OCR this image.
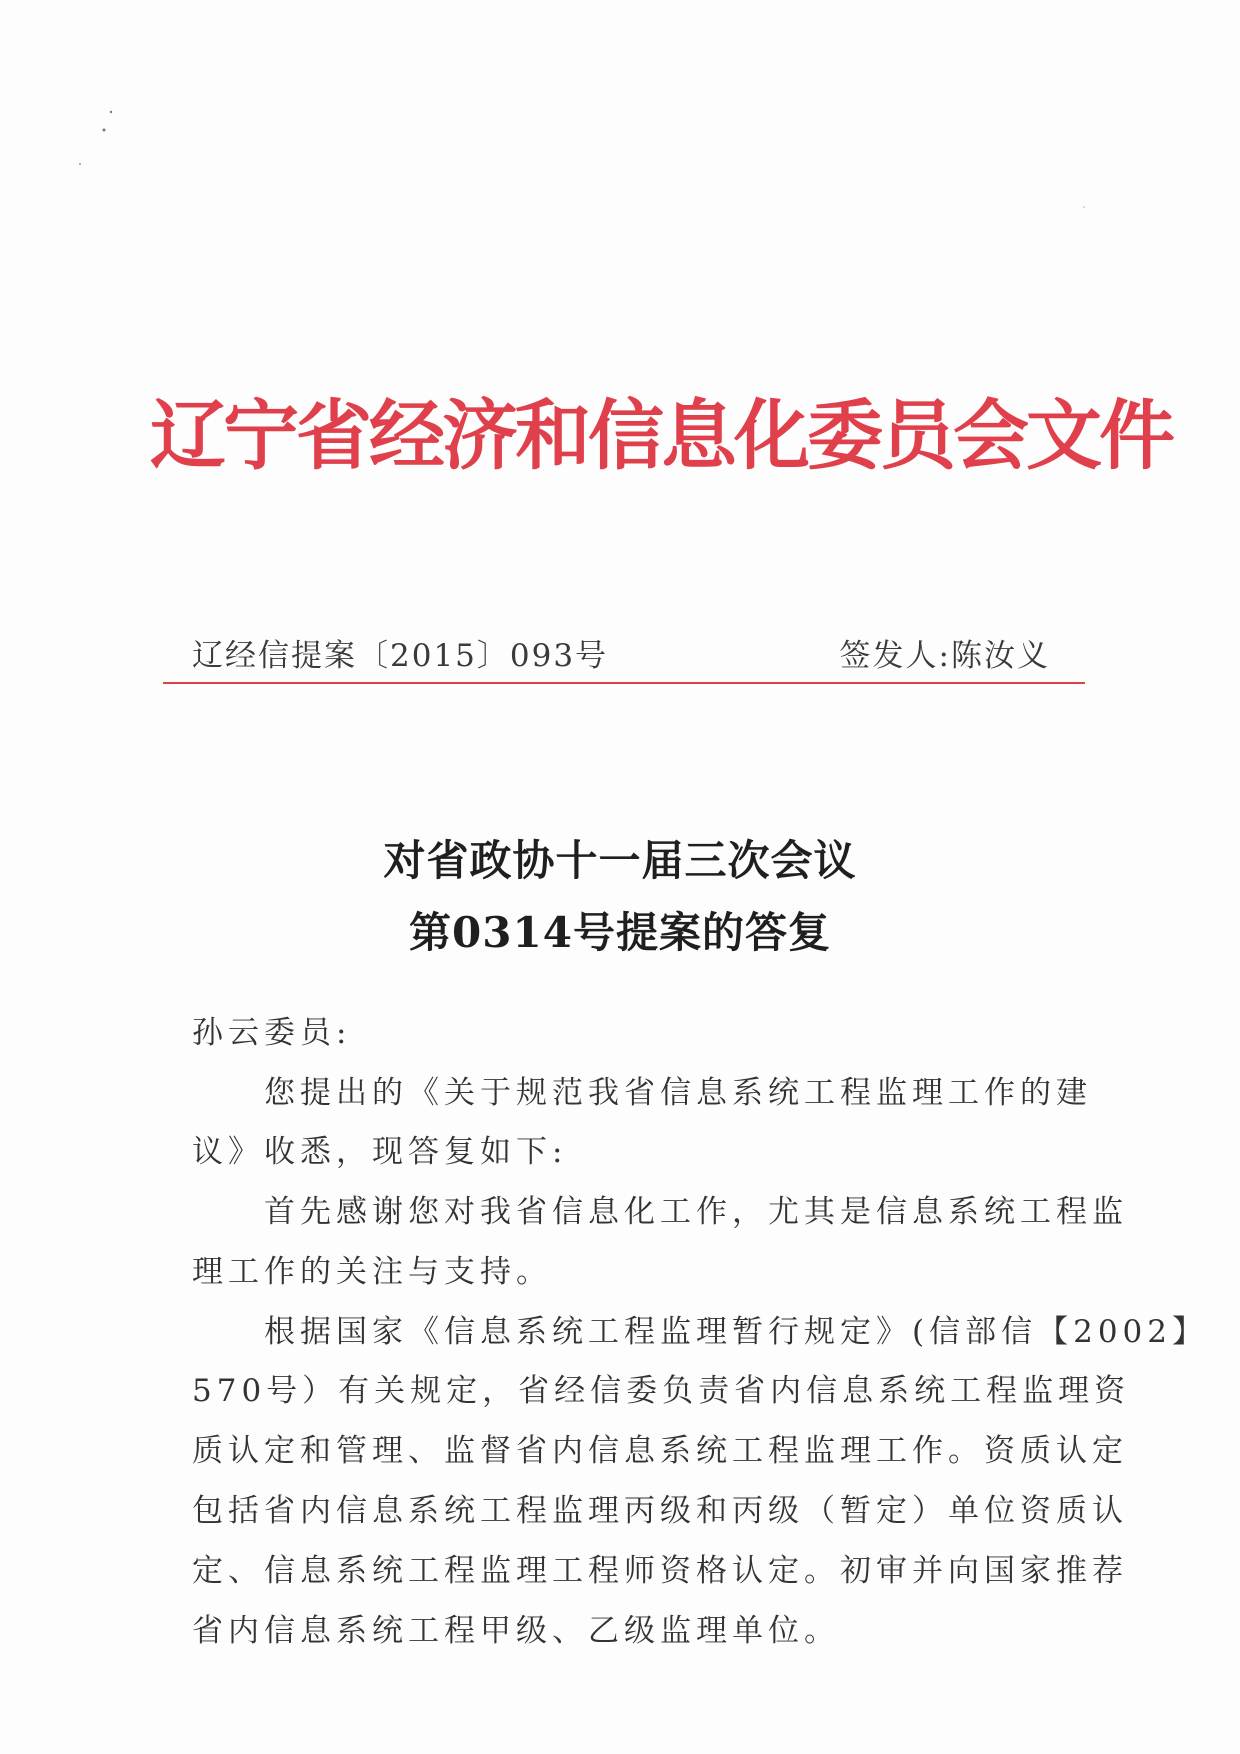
辽宁省经济和信息化委员会文件
辽经信提案〔2015〕093号	签发人:陈汝义
对省政协十一届三次会议
第0314号提案的答复
孙云委员:
　　您提出的《关于规范我省信息系统工程监理工作的建
议》收悉，现答复如下:
　　首先感谢您对我省信息化工作，尤其是信息系统工程监
理工作的关注与支持。
　　根据国家《信息系统工程监理暂行规定》(信部信【2002】
570号）有关规定，省经信委负责省内信息系统工程监理资
质认定和管理、监督省内信息系统工程监理工作。资质认定
包括省内信息系统工程监理丙级和丙级（暂定）单位资质认
定、信息系统工程监理工程师资格认定。初审并向国家推荐
省内信息系统工程甲级、乙级监理单位。
